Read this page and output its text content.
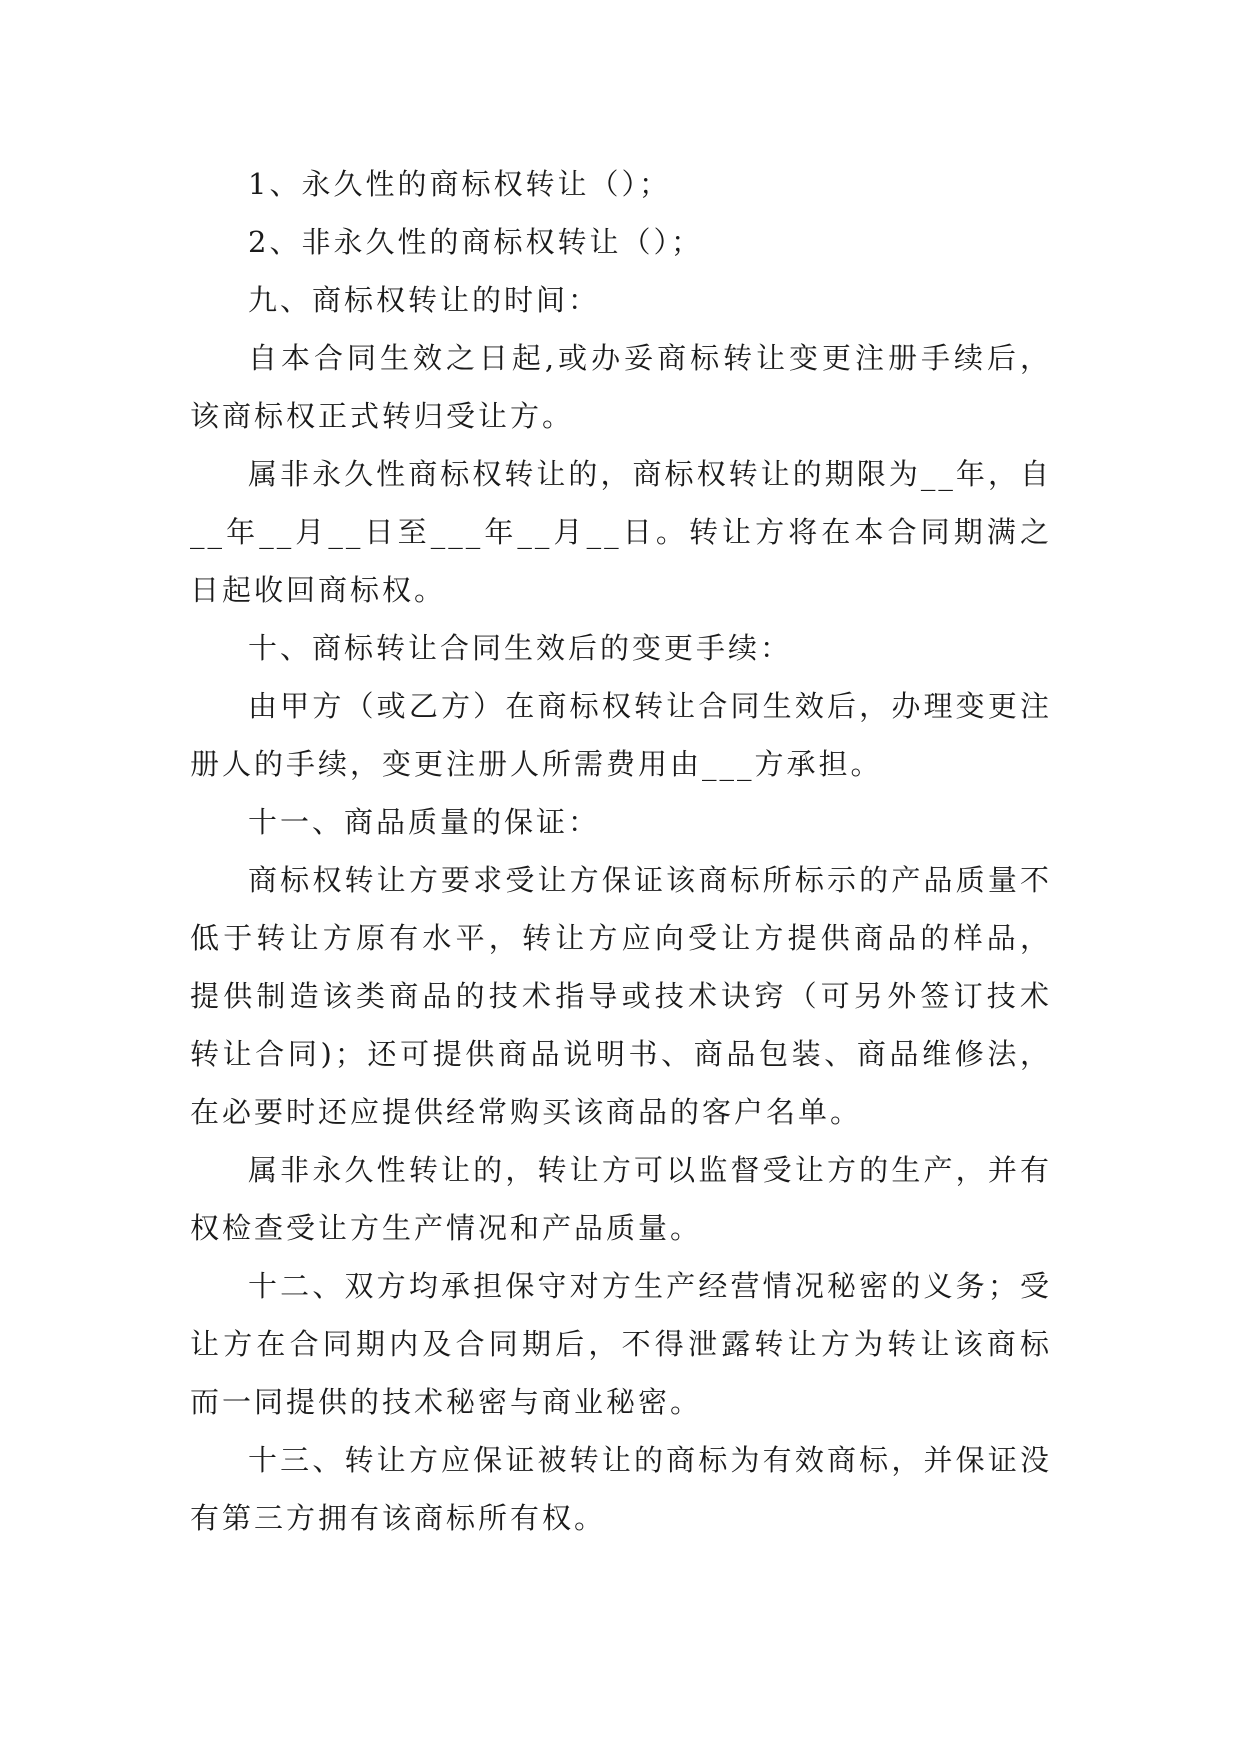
1、永久性的商标权转让（）；

2、非永久性的商标权转让（）；

九、商标权转让的时间：

自本合同生效之日起,或办妥商标转让变更注册手续后，该商标权正式转归受让方。

属非永久性商标权转让的，商标权转让的期限为__年，自__年__月__日至___年__月__日。转让方将在本合同期满之日起收回商标权。

十、商标转让合同生效后的变更手续：

由甲方（或乙方）在商标权转让合同生效后，办理变更注册人的手续，变更注册人所需费用由___方承担。

十一、商品质量的保证：

商标权转让方要求受让方保证该商标所标示的产品质量不低于转让方原有水平，转让方应向受让方提供商品的样品，提供制造该类商品的技术指导或技术诀窍（可另外签订技术转让合同)；还可提供商品说明书、商品包装、商品维修法，在必要时还应提供经常购买该商品的客户名单。

属非永久性转让的，转让方可以监督受让方的生产，并有权检查受让方生产情况和产品质量。

十二、双方均承担保守对方生产经营情况秘密的义务；受让方在合同期内及合同期后，不得泄露转让方为转让该商标而一同提供的技术秘密与商业秘密。

十三、转让方应保证被转让的商标为有效商标，并保证没有第三方拥有该商标所有权。
